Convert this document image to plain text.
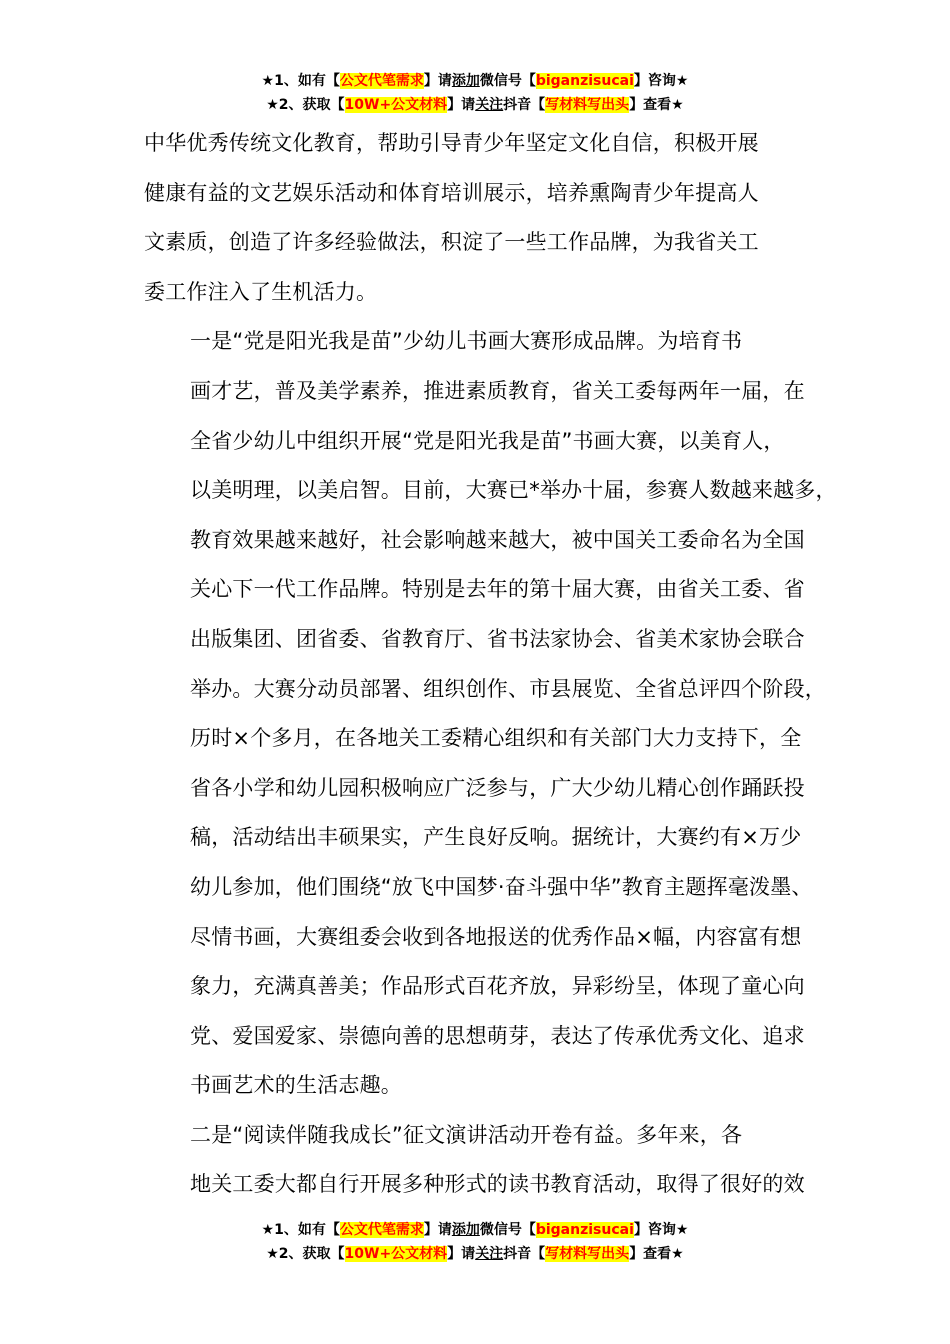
★1、如有【公文代笔需求】请添加微信号【biganzisucai】咨询★
★2、获取【10W+公文材料】请关注抖音【写材料写出头】查看★

中华优秀传统文化教育，帮助引导青少年坚定文化自信，积极开展
健康有益的文艺娱乐活动和体育培训展示，培养熏陶青少年提高人
文素质，创造了许多经验做法，积淀了一些工作品牌，为我省关工
委工作注入了生机活力。

一是“党是阳光我是苗”少幼儿书画大赛形成品牌。为培育书
画才艺，普及美学素养，推进素质教育，省关工委每两年一届，在
全省少幼儿中组织开展“党是阳光我是苗”书画大赛，以美育人，
以美明理，以美启智。目前，大赛已*举办十届，参赛人数越来越多，
教育效果越来越好，社会影响越来越大，被中国关工委命名为全国
关心下一代工作品牌。特别是去年的第十届大赛，由省关工委、省
出版集团、团省委、省教育厅、省书法家协会、省美术家协会联合
举办。大赛分动员部署、组织创作、市县展览、全省总评四个阶段，
历时×个多月，在各地关工委精心组织和有关部门大力支持下，全
省各小学和幼儿园积极响应广泛参与，广大少幼儿精心创作踊跃投
稿，活动结出丰硕果实，产生良好反响。据统计，大赛约有×万少
幼儿参加，他们围绕“放飞中国梦·奋斗强中华”教育主题挥毫泼墨、
尽情书画，大赛组委会收到各地报送的优秀作品×幅，内容富有想
象力，充满真善美；作品形式百花齐放，异彩纷呈，体现了童心向
党、爱国爱家、崇德向善的思想萌芽，表达了传承优秀文化、追求
书画艺术的生活志趣。

二是“阅读伴随我成长”征文演讲活动开卷有益。多年来，各
地关工委大都自行开展多种形式的读书教育活动，取得了很好的效

★1、如有【公文代笔需求】请添加微信号【biganzisucai】咨询★
★2、获取【10W+公文材料】请关注抖音【写材料写出头】查看★
